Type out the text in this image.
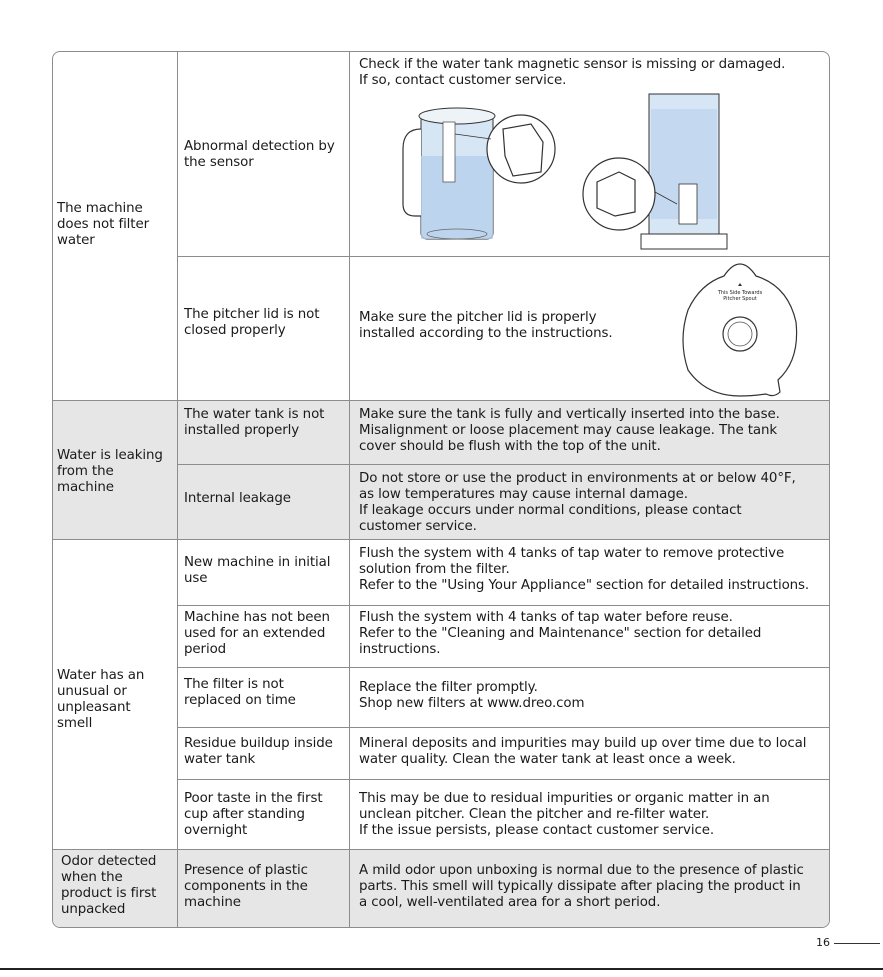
The machine
does not filter
water
Abnormal detection by
the sensor
Check if the water tank magnetic sensor is missing or damaged.
If so, contact customer service.
The pitcher lid is not
closed properly
Make sure the pitcher lid is properly
installed according to the instructions.
This Side Towards
Pitcher Spout
Water is leaking
from the
machine
The water tank is not
installed properly
Make sure the tank is fully and vertically inserted into the base.
Misalignment or loose placement may cause leakage. The tank
cover should be flush with the top of the unit.
Internal leakage
Do not store or use the product in environments at or below 40°F,
as low temperatures may cause internal damage.
If leakage occurs under normal conditions, please contact
customer service.
Water has an
unusual or
unpleasant
smell
New machine in initial
use
Flush the system with 4 tanks of tap water to remove protective
solution from the filter.
Refer to the "Using Your Appliance" section for detailed instructions.
Machine has not been
used for an extended
period
Flush the system with 4 tanks of tap water before reuse.
Refer to the "Cleaning and Maintenance" section for detailed
instructions.
The filter is not
replaced on time
Replace the filter promptly.
Shop new filters at www.dreo.com
Residue buildup inside
water tank
Mineral deposits and impurities may build up over time due to local
water quality. Clean the water tank at least once a week.
Poor taste in the first
cup after standing
overnight
This may be due to residual impurities or organic matter in an
unclean pitcher. Clean the pitcher and re-filter water.
If the issue persists, please contact customer service.
Odor detected
when the
product is first
unpacked
Presence of plastic
components in the
machine
A mild odor upon unboxing is normal due to the presence of plastic
parts. This smell will typically dissipate after placing the product in
a cool, well-ventilated area for a short period.
16
